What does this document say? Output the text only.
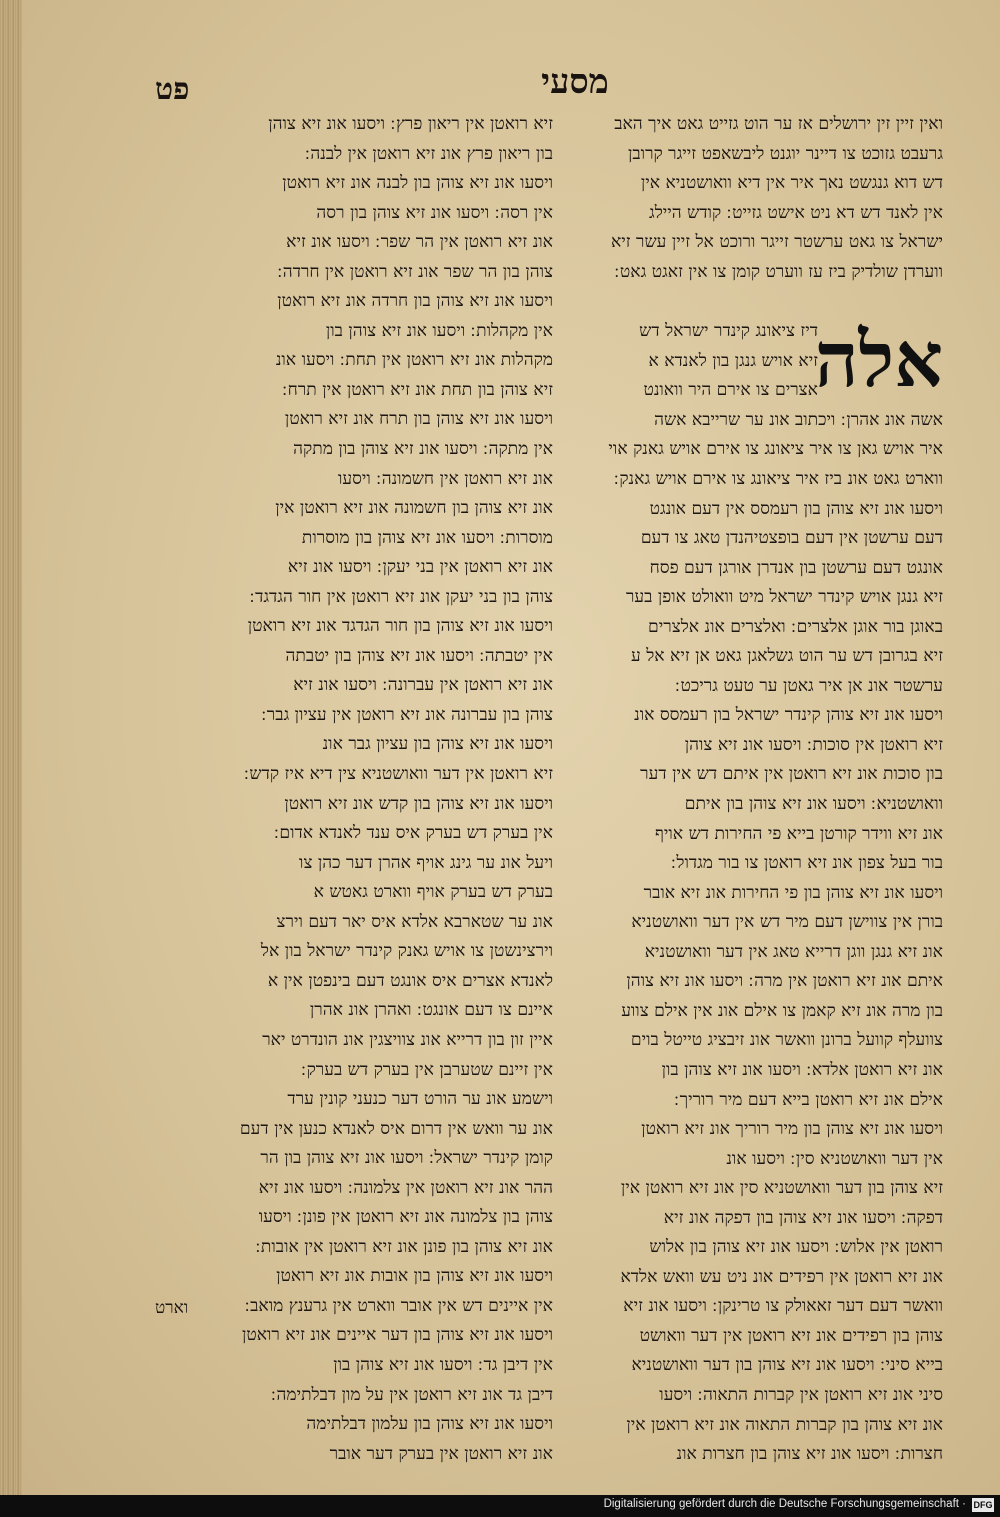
פט	מסעי
ואין זיין זין ירושלים אז ער הוט גזייט גאט איך האב
גרעבט גזוכט צו דיינר יוגנט ליבשאפט זייגר קרובן
דש דוא גנגשט נאך איר אין דיא וואושטניא אין
אין לאנד דש דא ניט אישט גזייט ׃ קודש היילג
ישראל צו גאט ערשטר זייגר ורוכט אל זיין עשר זיא
ווערדן שולדיק ביז עז ווערט קומן צו אין זאגט גאט ׃
אלה
דיז ציאונג קינדר ישראל דש
זיא אויש גנגן בון לאנדא א
אצרים צו אירם היר וואונט
אשה אונ אהרן ׃ ויכתוב אונ ער שרייבא אשה
איר אויש גאן צו איר ציאונג צו אירם אויש גאנק אוי
ווארט גאט אונ ביז איר ציאונג צו אירם אויש גאנק ׃
ויסעו אונ זיא צוהן בון רעמסס אין דעם אונגט
דעם ערשטן אין דעם בופצטיהנדן טאג צו דעם
אונגט דעם ערשטן בון אנדרן אורגן דעם פסח
זיא גנגן אויש קינדר ישראל מיט וואולט אופן בער
באוגן בור אוגן אלצרים ׃ ואלצרים אונ אלצרים
זיא בגרובן דש ער הוט גשלאגן גאט אן זיא אל ע
ערשטר אונ אן איר גאטן ער טעט גריכט ׃
ויסעו אונ זיא צוהן קינדר ישראל בון רעמסס אונ
זיא רואטן אין סוכות ׃ ויסעו אונ זיא צוהן
בון סוכות אונ זיא רואטן אין איתם דש אין דער
וואושטניא ׃ ויסעו אונ זיא צוהן בון איתם
אונ זיא ווידר קורטן בייא פי החירות דש אויף
בור בעל צפון אונ זיא רואטן צו בור מגדול ׃
ויסעו אונ זיא צוהן בון פי החירות אונ זיא אובר
בורן אין צווישן דעם מיר דש אין דער וואושטניא
אונ זיא גנגן ווגן דרייא טאג אין דער וואושטניא
איתם אונ זיא רואטן אין מרה ׃ ויסעו אונ זיא צוהן
בון מרה אונ זיא קאמן צו אילם אונ אין אילם צווע
צוועלף קוועל ברונן וואשר אונ זיבציג טייטל בוים
אונ זיא רואטן אלדא ׃ ויסעו אונ זיא צוהן בון
אילם אונ זיא רואטן בייא דעם מיר רוריך ׃
ויסעו אונ זיא צוהן בון מיר רוריך אונ זיא רואטן
אין דער וואושטניא סין ׃ ויסעו אונ
זיא צוהן בון דער וואושטניא סין אונ זיא רואטן אין
דפקה ׃ ויסעו אונ זיא צוהן בון דפקה אונ זיא
רואטן אין אלוש ׃ ויסעו אונ זיא צוהן בון אלוש
אונ זיא רואטן אין רפידים אונ ניט עש וואש אלדא
וואשר דעם דער זאאולק צו טרינקן ׃ ויסעו אונ זיא
צוהן בון רפידים אונ זיא רואטן אין דער וואושט
בייא סיני ׃ ויסעו אונ זיא צוהן בון דער וואושטניא
סיני אונ זיא רואטן אין קברות התאוה ׃ ויסעו
אונ זיא צוהן בון קברות התאוה אונ זיא רואטן אין
חצרות ׃ ויסעו אונ זיא צוהן בון חצרות אונ
זיא רואטן אין ריאון פרץ ׃ ויסעו אונ זיא צוהן
בון ריאון פרץ אונ זיא רואטן אין לבנה ׃
ויסעו אונ זיא צוהן בון לבנה אונ זיא רואטן
אין רסה ׃ ויסעו אונ זיא צוהן בון רסה
אונ זיא רואטן אין הר שפר ׃ ויסעו אונ זיא
צוהן בון הר שפר אונ זיא רואטן אין חרדה ׃
ויסעו אונ זיא צוהן בון חרדה אונ זיא רואטן
אין מקהלות ׃ ויסעו אונ זיא צוהן בון
מקהלות אונ זיא רואטן אין תחת ׃ ויסעו אונ
זיא צוהן בון תחת אונ זיא רואטן אין תרח ׃
ויסעו אונ זיא צוהן בון תרח אונ זיא רואטן
אין מתקה ׃ ויסעו אונ זיא צוהן בון מתקה
אונ זיא רואטן אין חשמונה ׃ ויסעו
אונ זיא צוהן בון חשמונה אונ זיא רואטן אין
מוסרות ׃ ויסעו אונ זיא צוהן בון מוסרות
אונ זיא רואטן אין בני יעקן ׃ ויסעו אונ זיא
צוהן בון בני יעקן אונ זיא רואטן אין חור הגדגד ׃
ויסעו אונ זיא צוהן בון חור הגדגד אונ זיא רואטן
אין יטבתה ׃ ויסעו אונ זיא צוהן בון יטבתה
אונ זיא רואטן אין עברונה ׃ ויסעו אונ זיא
צוהן בון עברונה אונ זיא רואטן אין עציון גבר ׃
ויסעו אונ זיא צוהן בון עציון גבר אונ
זיא רואטן אין דער וואושטניא צין דיא איז קדש ׃
ויסעו אונ זיא צוהן בון קדש אונ זיא רואטן
אין בערק דש בערק איס ענד לאנדא אדום ׃
ויעל אונ ער גינג אויף אהרן דער כהן צו
בערק דש בערק אויף ווארט גאטש א
אונ ער שטארבא אלדא איס יאר דעם וירצ
וירצינשטן צו אויש גאנק קינדר ישראל בון אל
לאנדא אצרים איס אונגט דעם בינפטן אין א
איינם צו דעם אונגט ׃ ואהרן אונ אהרן
איין זון בון דרייא אונ צוויצגין אונ הונדרט יאר
אין זיינם שטערבן אין בערק דש בערק ׃
וישמע אונ ער הורט דער כנעני קונין ערד
אונ ער וואש אין דרום איס לאנדא כנען אין דעם
קומן קינדר ישראל ׃ ויסעו אונ זיא צוהן בון הר
ההר אונ זיא רואטן אין צלמונה ׃ ויסעו אונ זיא
צוהן בון צלמונה אונ זיא רואטן אין פונן ׃ ויסעו
אונ זיא צוהן בון פונן אונ זיא רואטן אין אובות ׃
ויסעו אונ זיא צוהן בון אובות אונ זיא רואטן
אין איינים דש אין אובר ווארט אין גרענץ מואב ׃
ויסעו אונ זיא צוהן בון דער איינים אונ זיא רואטן
אין דיבן גד ׃ ויסעו אונ זיא צוהן בון
דיבן גד אונ זיא רואטן אין על מון דבלתימה ׃
ויסעו אונ זיא צוהן בון עלמון דבלתימה
אונ זיא רואטן אין בערק דער אובר
וארט
Digitalisierung gefördert durch die Deutsche Forschungsgemeinschaft · DFG
